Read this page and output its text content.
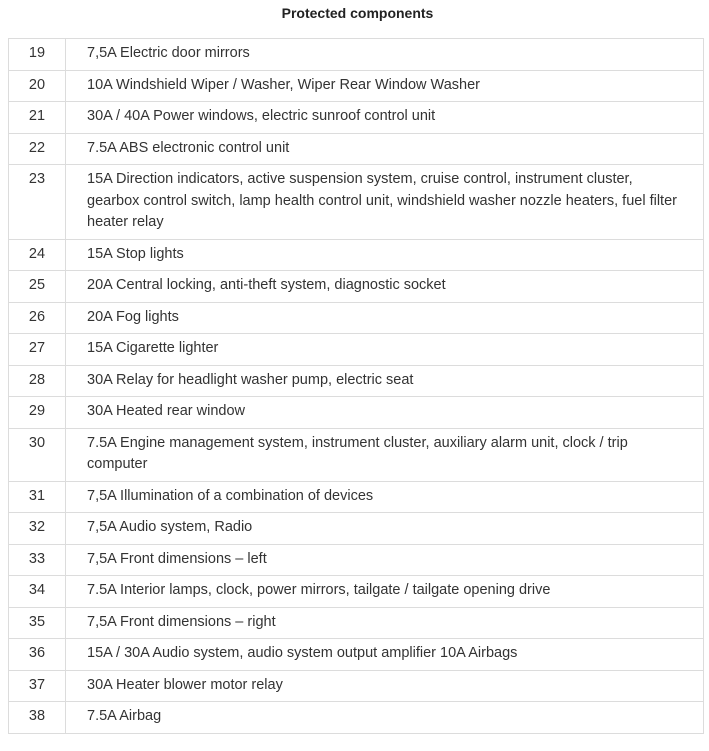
Protected components
19	7,5A Electric door mirrors
20	10A Windshield Wiper / Washer, Wiper Rear Window Washer
21	30A / 40A Power windows, electric sunroof control unit
22	7.5A ABS electronic control unit
23	15A Direction indicators, active suspension system, cruise control, instrument cluster, gearbox control switch, lamp health control unit, windshield washer nozzle heaters, fuel filter heater relay
24	15A Stop lights
25	20A Central locking, anti-theft system, diagnostic socket
26	20A Fog lights
27	15A Cigarette lighter
28	30A Relay for headlight washer pump, electric seat
29	30A Heated rear window
30	7.5A Engine management system, instrument cluster, auxiliary alarm unit, clock / trip computer
31	7,5A Illumination of a combination of devices
32	7,5A Audio system, Radio
33	7,5A Front dimensions – left
34	7.5A Interior lamps, clock, power mirrors, tailgate / tailgate opening drive
35	7,5A Front dimensions – right
36	15A / 30A Audio system, audio system output amplifier 10A Airbags
37	30A Heater blower motor relay
38	7.5A Airbag
